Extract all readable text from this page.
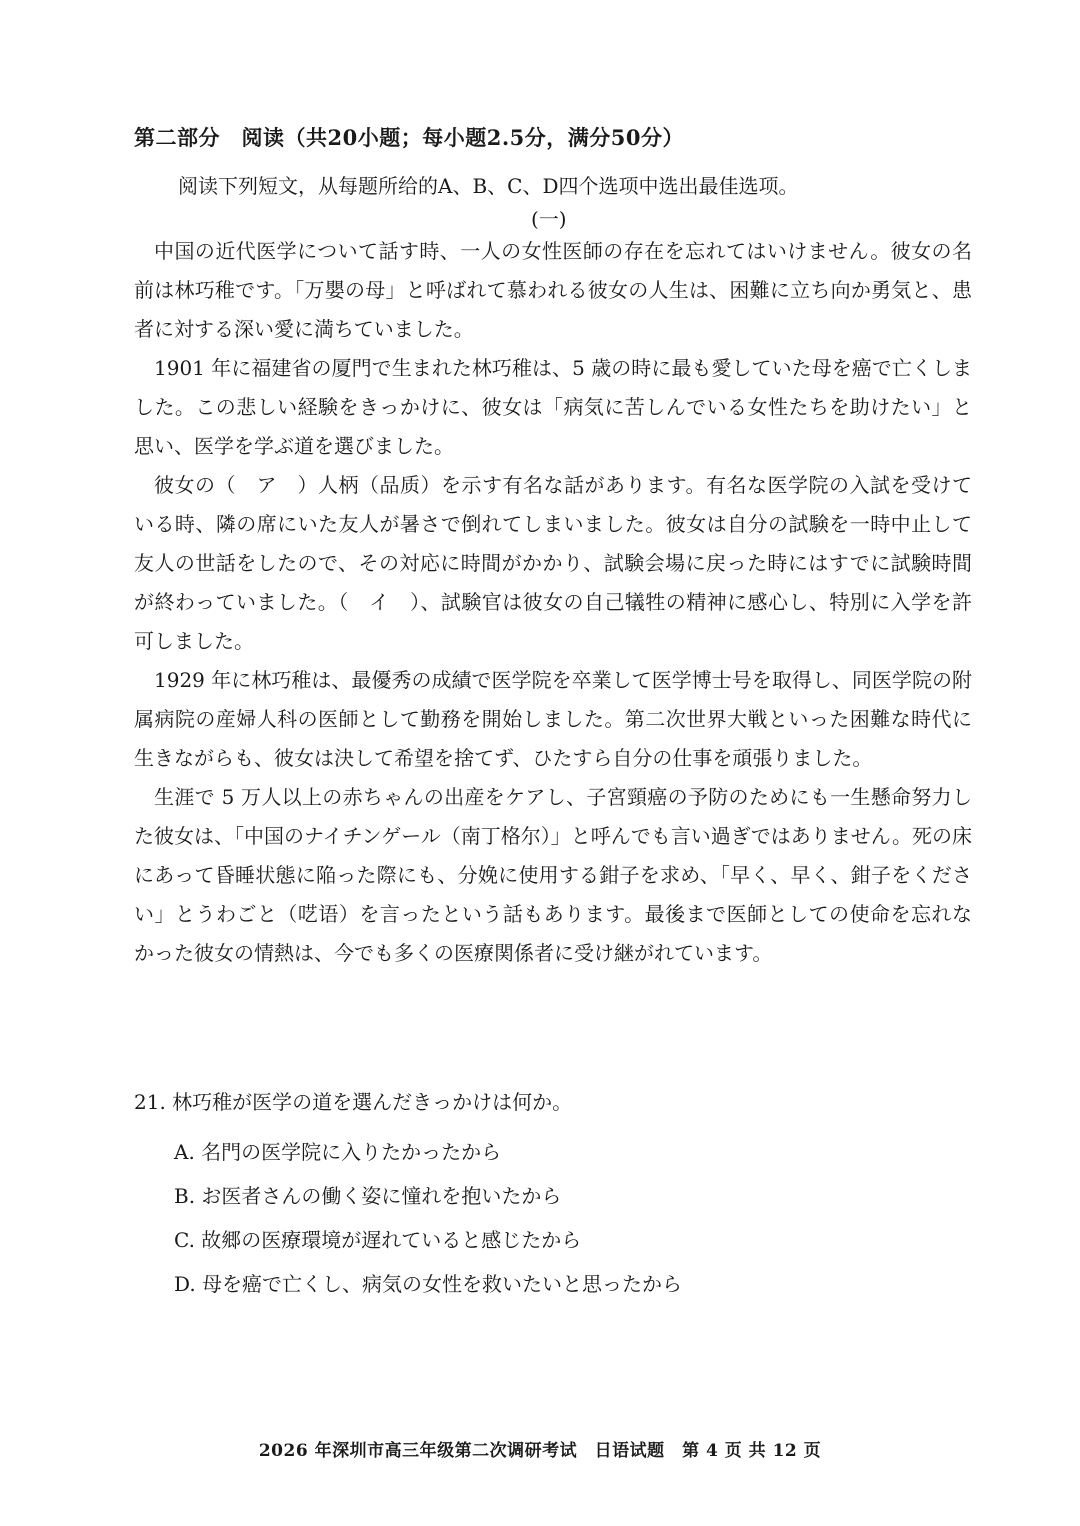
第二部分　阅读（共20小题；每小题2.5分，满分50分）
阅读下列短文，从每题所给的A、B、C、D四个选项中选出最佳选项。
(一)

中国の近代医学について話す時、一人の女性医師の存在を忘れてはいけません。彼女の名前は林巧稚です。「万嬰の母」と呼ばれて慕われる彼女の人生は、困難に立ち向か勇気と、患者に対する深い愛に満ちていました。

1901 年に福建省の厦門で生まれた林巧稚は、5 歳の時に最も愛していた母を癌で亡くしました。この悲しい経験をきっかけに、彼女は「病気に苦しんでいる女性たちを助けたい」と思い、医学を学ぶ道を選びました。

彼女の（　ア　）人柄（品质）を示す有名な話があります。有名な医学院の入試を受けている時、隣の席にいた友人が暑さで倒れてしまいました。彼女は自分の試験を一時中止して友人の世話をしたので、その対応に時間がかかり、試験会場に戻った時にはすでに試験時間が終わっていました。（　イ　）、試験官は彼女の自己犠牲の精神に感心し、特別に入学を許可しました。

1929 年に林巧稚は、最優秀の成績で医学院を卒業して医学博士号を取得し、同医学院の附属病院の産婦人科の医師として勤務を開始しました。第二次世界大戦といった困難な時代に生きながらも、彼女は決して希望を捨てず、ひたすら自分の仕事を頑張りました。

生涯で 5 万人以上の赤ちゃんの出産をケアし、子宮頸癌の予防のためにも一生懸命努力した彼女は、「中国のナイチンゲール（南丁格尔）」と呼んでも言い過ぎではありません。死の床にあって昏睡状態に陥った際にも、分娩に使用する鉗子を求め、「早く、早く、鉗子をください」とうわごと（呓语）を言ったという話もあります。最後まで医師としての使命を忘れなかった彼女の情熱は、今でも多くの医療関係者に受け継がれています。

21. 林巧稚が医学の道を選んだきっかけは何か。
A. 名門の医学院に入りたかったから
B. お医者さんの働く姿に憧れを抱いたから
C. 故郷の医療環境が遅れていると感じたから
D. 母を癌で亡くし、病気の女性を救いたいと思ったから
2026 年深圳市高三年级第二次调研考试　日语试题　第 4 页 共 12 页
